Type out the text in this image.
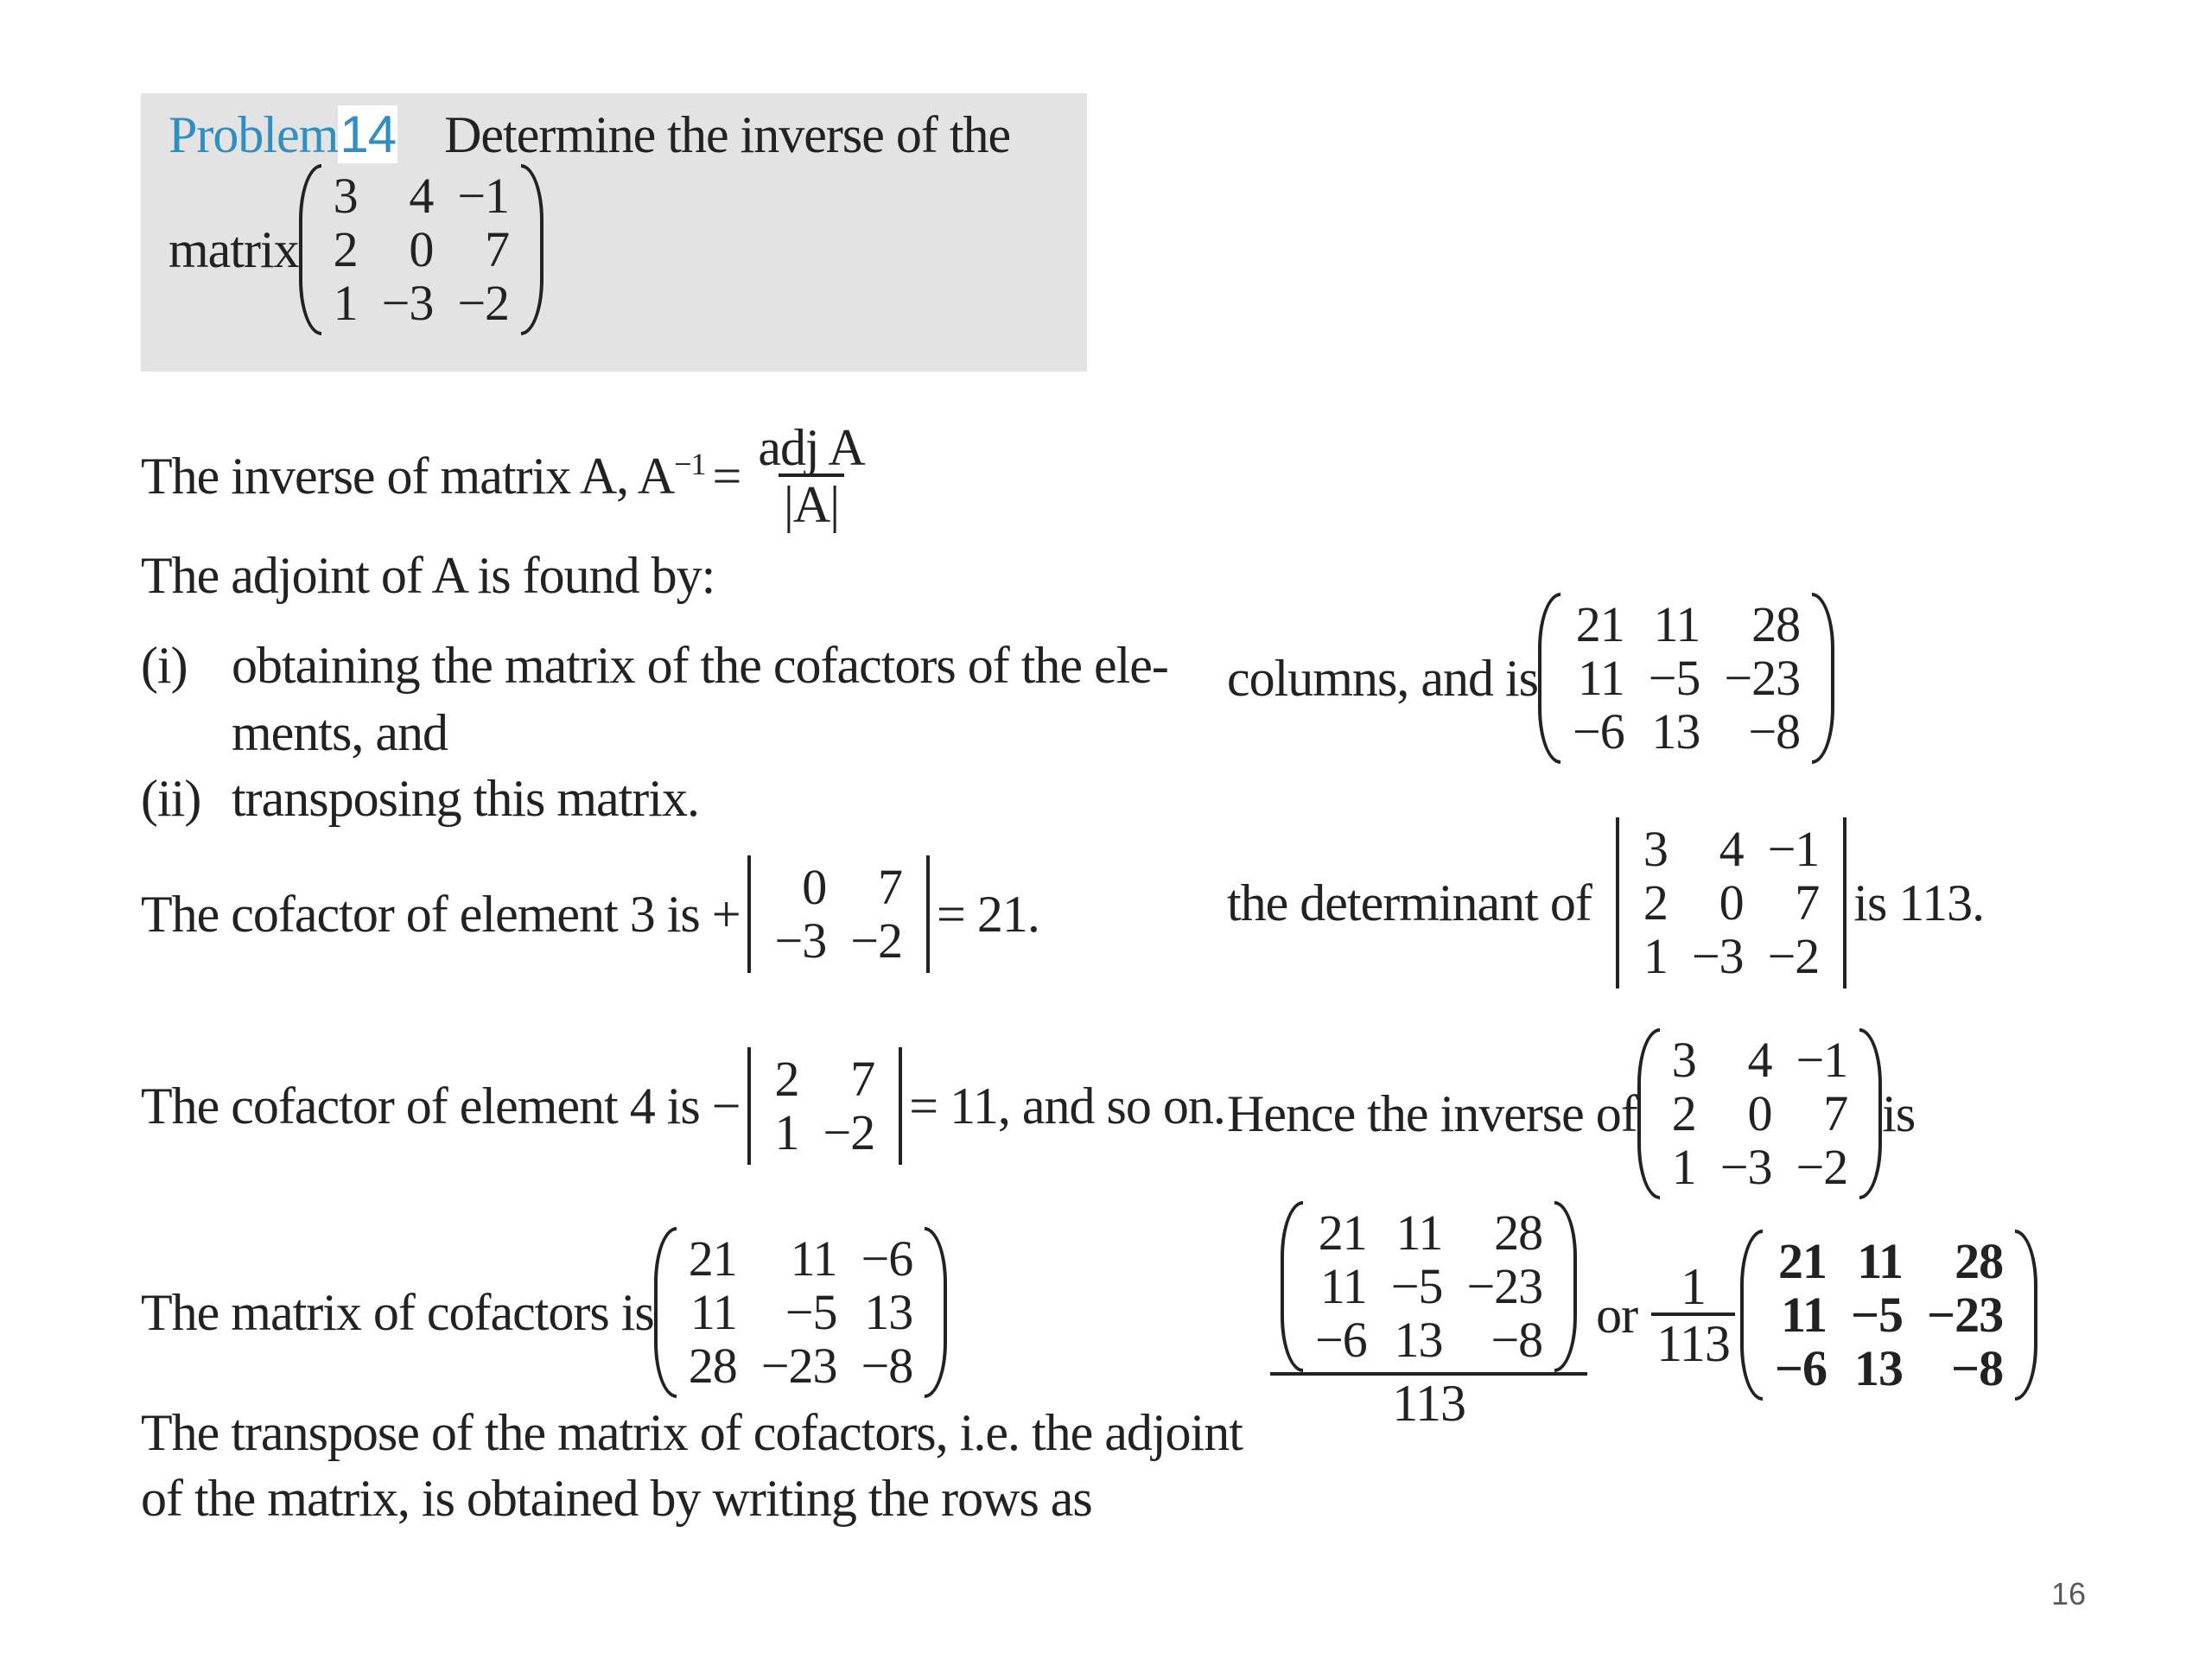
Problem14 Determine the inverse of the
matrix
3	4	−1
2	0	7
1	−3	−2
The inverse of matrix A, $A^{-1} = \frac{\text{adj A}}{|A|}$
The adjoint of A is found by:
(i) obtaining the matrix of the cofactors of the ele-
ments, and
(ii) transposing this matrix.
The cofactor of element 3 is + 0	7
−3	−2 = 21.
The cofactor of element 4 is − 2	7
1	−2 = 11, and so on.
The matrix of cofactors is
21	11	−6
11	−5	13
28	−23	−8
The transpose of the matrix of cofactors, i.e. the adjoint
of the matrix, is obtained by writing the rows as
columns, and is
21	11	28
11	−5	−23
−6	13	−8
the determinant of
3	4	−1
2	0	7
1	−3	−2
is 113.
Hence the inverse of
3	4	−1
2	0	7
1	−3	−2
is
21	11	28
11	−5	−23
−6	13	−8
113 or $\frac{1}{113} 21$	11	28
11	−5	−23
−6	13	−8
16
